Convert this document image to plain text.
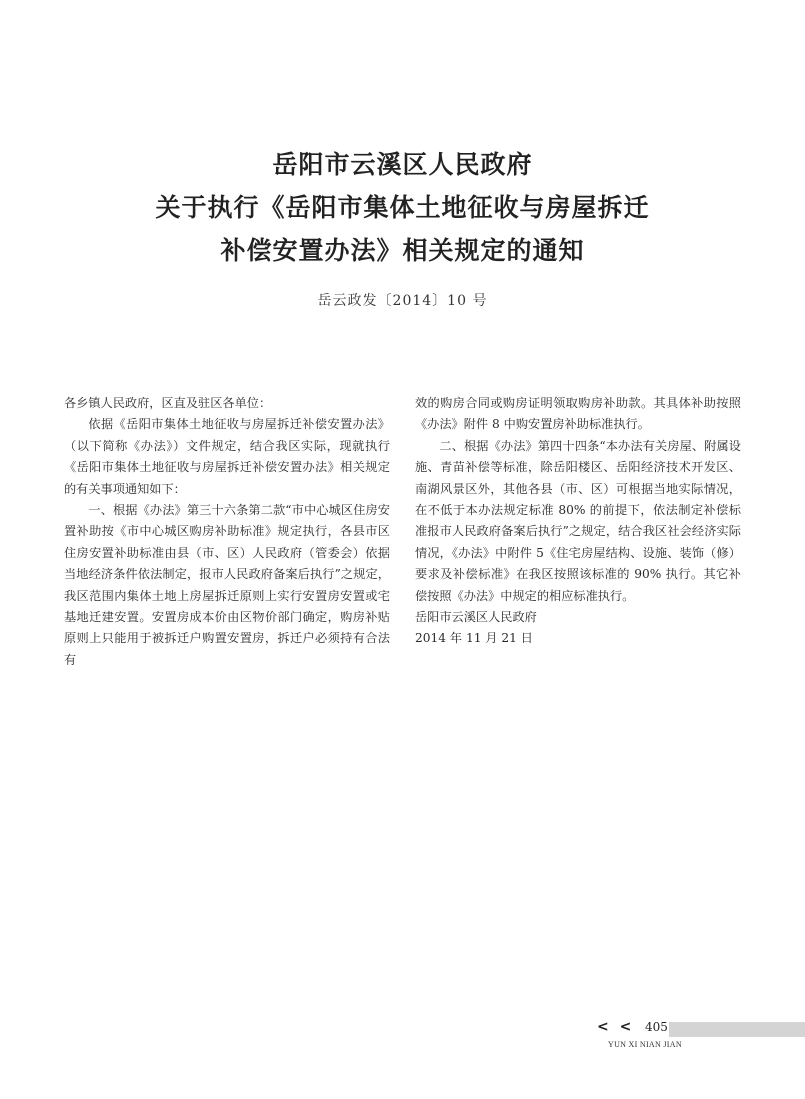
岳阳市云溪区人民政府
关于执行《岳阳市集体土地征收与房屋拆迁
补偿安置办法》相关规定的通知
岳云政发〔2014〕10 号

各乡镇人民政府，区直及驻区各单位：

依据《岳阳市集体土地征收与房屋拆迁补偿安置办法》（以下简称《办法》）文件规定，结合我区实际，现就执行《岳阳市集体土地征收与房屋拆迁补偿安置办法》相关规定的有关事项通知如下：

一、根据《办法》第三十六条第二款“市中心城区住房安置补助按《市中心城区购房补助标准》规定执行，各县市区住房安置补助标准由县（市、区）人民政府（管委会）依据当地经济条件依法制定，报市人民政府备案后执行”之规定，我区范围内集体土地上房屋拆迁原则上实行安置房安置或宅基地迁建安置。安置房成本价由区物价部门确定，购房补贴原则上只能用于被拆迁户购置安置房，拆迁户必须持有合法有

效的购房合同或购房证明领取购房补助款。其具体补助按照《办法》附件 8 中购安置房补助标准执行。

二、根据《办法》第四十四条“本办法有关房屋、附属设施、青苗补偿等标准，除岳阳楼区、岳阳经济技术开发区、南湖风景区外，其他各县（市、区）可根据当地实际情况，在不低于本办法规定标准 80% 的前提下，依法制定补偿标准报市人民政府备案后执行”之规定，结合我区社会经济实际情况，《办法》中附件 5《住宅房屋结构、设施、装饰（修）要求及补偿标准》在我区按照该标准的 90% 执行。其它补偿按照《办法》中规定的相应标准执行。

岳阳市云溪区人民政府

2014 年 11 月 21 日

< < 405
YUN XI NIAN JIAN
